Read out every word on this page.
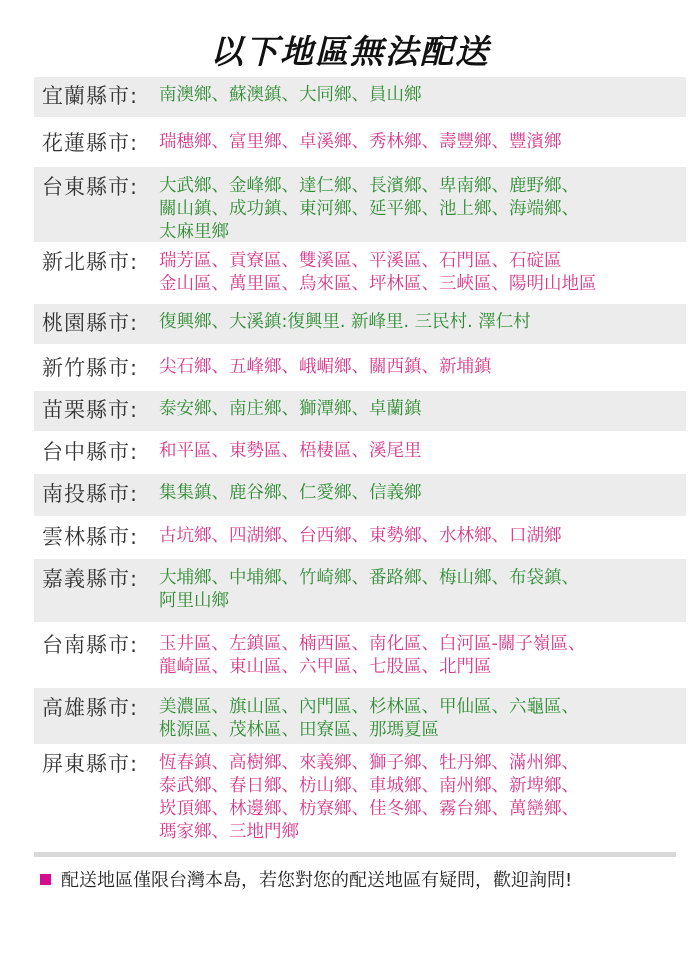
以下地區無法配送
宜蘭縣市:	南澳鄉、蘇澳鎮、大同鄉、員山鄉
花蓮縣市:	瑞穗鄉、富里鄉、卓溪鄉、秀林鄉、壽豐鄉、豐濱鄉
台東縣市:	大武鄉、金峰鄉、達仁鄉、長濱鄉、卑南鄉、鹿野鄉、
關山鎮、成功鎮、東河鄉、延平鄉、池上鄉、海端鄉、
太麻里鄉
新北縣市:	瑞芳區、貢寮區、雙溪區、平溪區、石門區、石碇區
金山區、萬里區、烏來區、坪林區、三峽區、陽明山地區
桃園縣市:	復興鄉、大溪鎮:復興里. 新峰里. 三民村. 澤仁村
新竹縣市:	尖石鄉、五峰鄉、峨嵋鄉、關西鎮、新埔鎮
苗栗縣市:	泰安鄉、南庄鄉、獅潭鄉、卓蘭鎮
台中縣市:	和平區、東勢區、梧棲區、溪尾里
南投縣市:	集集鎮、鹿谷鄉、仁愛鄉、信義鄉
雲林縣市:	古坑鄉、四湖鄉、台西鄉、東勢鄉、水林鄉、口湖鄉
嘉義縣市:	大埔鄉、中埔鄉、竹崎鄉、番路鄉、梅山鄉、布袋鎮、
阿里山鄉
台南縣市:	玉井區、左鎮區、楠西區、南化區、白河區-關子嶺區、
龍崎區、東山區、六甲區、七股區、北門區
高雄縣市:	美濃區、旗山區、內門區、杉林區、甲仙區、六龜區、
桃源區、茂林區、田寮區、那瑪夏區
屏東縣市:	恆春鎮、高樹鄉、來義鄉、獅子鄉、牡丹鄉、滿州鄉、
泰武鄉、春日鄉、枋山鄉、車城鄉、南州鄉、新埤鄉、
崁頂鄉、林邊鄉、枋寮鄉、佳冬鄉、霧台鄉、萬巒鄉、
瑪家鄉、三地門鄉
配送地區僅限台灣本島，若您對您的配送地區有疑問，歡迎詢問!
